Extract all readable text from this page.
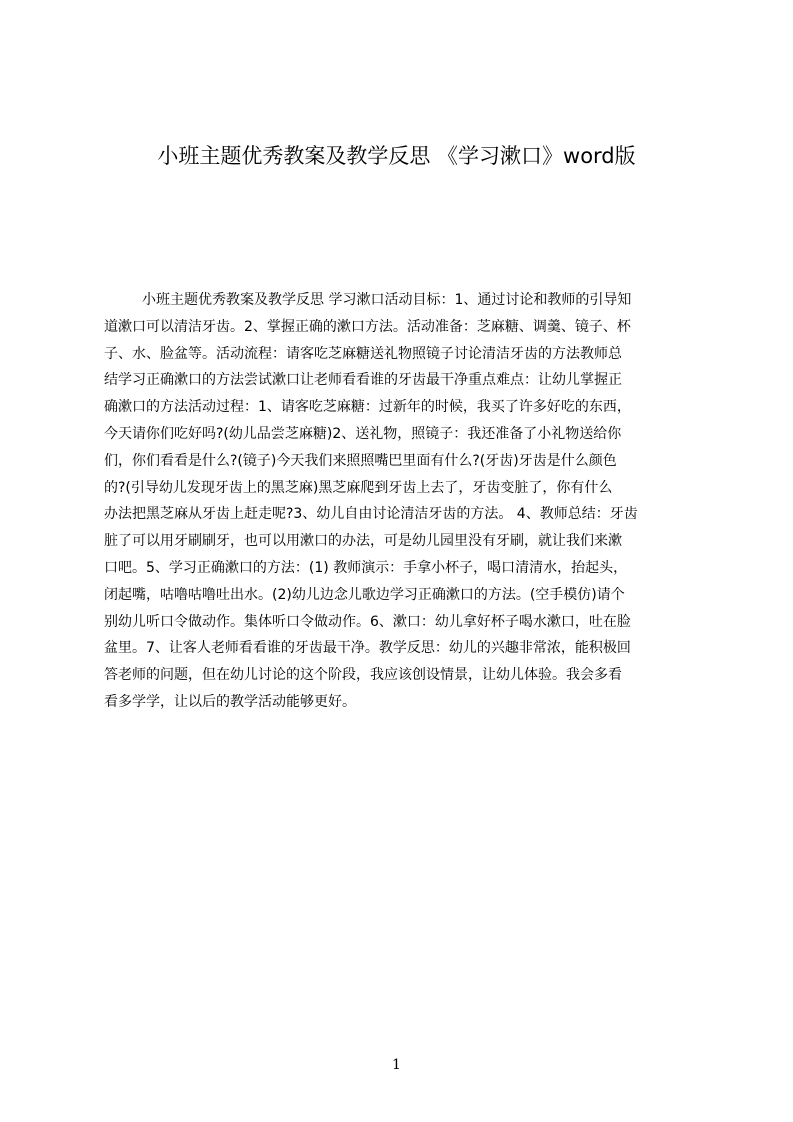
小班主题优秀教案及教学反思 《学习漱口》word版
小班主题优秀教案及教学反思 学习漱口活动目标：1、通过讨论和教师的引导知
道漱口可以清洁牙齿。2、掌握正确的漱口方法。活动准备：芝麻糖、调羹、镜子、杯
子、水、脸盆等。活动流程：请客吃芝麻糖送礼物照镜子讨论清洁牙齿的方法教师总
结学习正确漱口的方法尝试漱口让老师看看谁的牙齿最干净重点难点：让幼儿掌握正
确漱口的方法活动过程：1、请客吃芝麻糖：过新年的时候，我买了许多好吃的东西，
今天请你们吃好吗?(幼儿品尝芝麻糖)2、送礼物，照镜子：我还准备了小礼物送给你
们，你们看看是什么?(镜子)今天我们来照照嘴巴里面有什么?(牙齿)牙齿是什么颜色
的?(引导幼儿发现牙齿上的黑芝麻)黑芝麻爬到牙齿上去了，牙齿变脏了，你有什么
办法把黑芝麻从牙齿上赶走呢?3、幼儿自由讨论清洁牙齿的方法。 4、教师总结：牙齿
脏了可以用牙刷刷牙，也可以用漱口的办法，可是幼儿园里没有牙刷，就让我们来漱
口吧。5、学习正确漱口的方法：(1) 教师演示：手拿小杯子，喝口清清水，抬起头，
闭起嘴，咕噜咕噜吐出水。(2)幼儿边念儿歌边学习正确漱口的方法。(空手模仿)请个
别幼儿听口令做动作。集体听口令做动作。6、漱口：幼儿拿好杯子喝水漱口，吐在脸
盆里。7、让客人老师看看谁的牙齿最干净。教学反思：幼儿的兴趣非常浓，能积极回
答老师的问题，但在幼儿讨论的这个阶段，我应该创设情景，让幼儿体验。我会多看
看多学学，让以后的教学活动能够更好。
1
